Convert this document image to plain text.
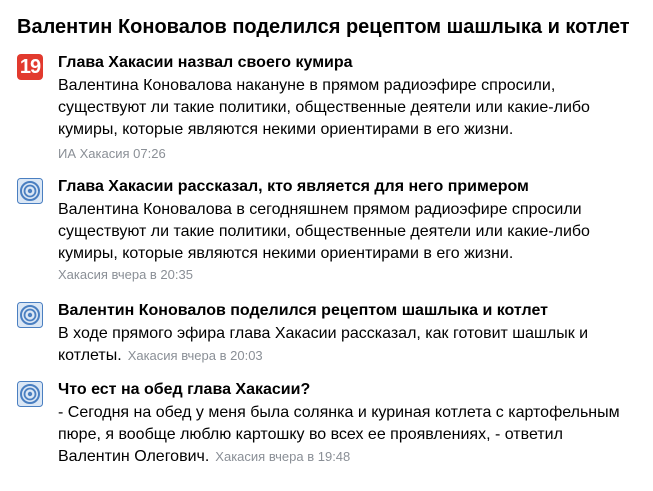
Валентин Коновалов поделился рецептом шашлыка и котлет
19 Глава Хакасии назвал своего кумира
Валентина Коновалова накануне в прямом радиоэфире спросили, существуют ли такие политики, общественные деятели или какие-либо кумиры, которые являются некими ориентирами в его жизни.
ИА Хакасия 07:26
Глава Хакасии рассказал, кто является для него примером
Валентина Коновалова в сегодняшнем прямом радиоэфире спросили существуют ли такие политики, общественные деятели или какие-либо кумиры, которые являются некими ориентирами в его жизни.
Хакасия вчера в 20:35
Валентин Коновалов поделился рецептом шашлыка и котлет
В ходе прямого эфира глава Хакасии рассказал, как готовит шашлык и котлеты. Хакасия вчера в 20:03
Что ест на обед глава Хакасии?
- Сегодня на обед у меня была солянка и куриная котлета с картофельным пюре, я вообще люблю картошку во всех ее проявлениях, - ответил Валентин Олегович. Хакасия вчера в 19:48
